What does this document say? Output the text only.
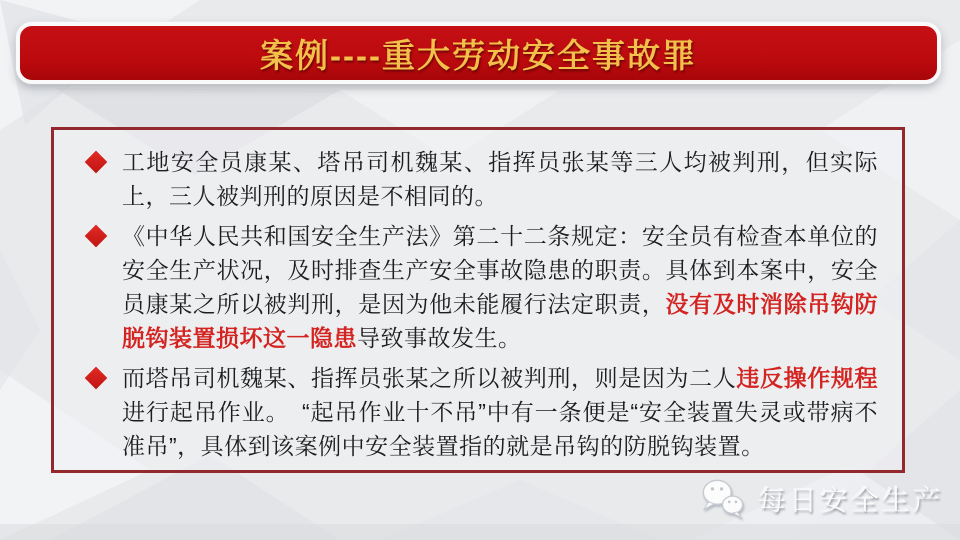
案例----重大劳动安全事故罪

工地安全员康某、塔吊司机魏某、指挥员张某等三人均被判刑，但实际上，三人被判刑的原因是不相同的。

《中华人民共和国安全生产法》第二十二条规定：安全员有检查本单位的安全生产状况，及时排查生产安全事故隐患的职责。具体到本案中，安全员康某之所以被判刑，是因为他未能履行法定职责，没有及时消除吊钩防脱钩装置损坏这一隐患导致事故发生。

而塔吊司机魏某、指挥员张某之所以被判刑，则是因为二人违反操作规程进行起吊作业。　“起吊作业十不吊”中有一条便是“安全装置失灵或带病不准吊”，具体到该案例中安全装置指的就是吊钩的防脱钩装置。

每日安全生产
